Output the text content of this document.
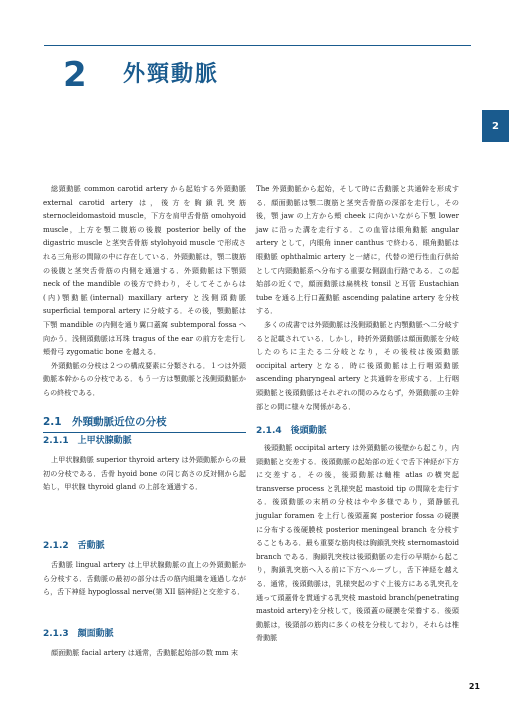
2 外頸動脈
2

総頸動脈 common carotid artery から起始する外頸動脈 external carotid artery は，後方を胸鎖乳突筋 sternocleidomastoid muscle，下方を肩甲舌骨筋 omohyoid muscle，上方を顎二腹筋の後腹 posterior belly of the digastric muscle と茎突舌骨筋 stylohyoid muscle で形成される三角形の間隙の中に存在している．外頸動脈は，顎二腹筋の後腹と茎突舌骨筋の内側を通過する．外頸動脈は下顎頸 neck of the mandible の後方で終わり，そしてそこからは(内)顎動脈(internal) maxillary artery と浅側頭動脈 superficial temporal artery に分岐する．その後，顎動脈は下顎 mandible の内側を通り翼口蓋窩 subtemporal fossa へ向かう．浅側頭動脈は耳珠 tragus of the ear の前方を走行し頬骨弓 zygomatic bone を越える．

外頸動脈の分枝は２つの構成要素に分類される．１つは外頸動脈本幹からの分枝である．もう一方は顎動脈と浅側頭動脈からの終枝である．

The 外頸動脈から起始，そして時に舌動脈と共通幹を形成する．顔面動脈は顎二腹筋と茎突舌骨筋の深部を走行し，その後，顎 jaw の上方から頬 cheek に向かいながら下顎 lower jaw に沿った溝を走行する．この血管は眼角動脈 angular artery として，内眼角 inner canthus で終わる．眼角動脈は眼動脈 ophthalmic artery と一緒に，代替の逆行性血行供給として内頸動脈系へ分布する重要な側副血行路である．この起始部の近くで，顔面動脈は扁桃枝 tonsil と耳管 Eustachian tube を通る上行口蓋動脈 ascending palatine artery を分枝する．

多くの成書では外頸動脈は浅側頭動脈と内顎動脈へ二分岐すると記載されている．しかし，時折外頸動脈は顔面動脈を分岐したのちに主たる二分岐となり，その後枝は後頭動脈 occipital artery となる．時に後頭動脈は上行咽頭動脈 ascending pharyngeal artery と共通幹を形成する．上行咽頭動脈と後頭動脈はそれぞれの間のみならず，外頸動脈の主幹部との間に様々な関係がある．

2.1　外頸動脈近位の分枝
2.1.1　上甲状腺動脈

上甲状腺動脈 superior thyroid artery は外頸動脈からの最初の分枝である．舌骨 hyoid bone の同じ高さの反対側から起始し，甲状腺 thyroid gland の上部を通過する．

2.1.2　舌動脈

舌動脈 lingual artery は上甲状腺動脈の直上の外頸動脈から分枝する．舌動脈の最初の部分は舌の筋内組織を通過しながら，舌下神経 hypoglossal nerve(第 XII 脳神経)と交差する．

2.1.3　顔面動脈

顔面動脈 facial artery は通常，舌動脈起始部の数 mm 末

2.1.4　後頭動脈

後頭動脈 occipital artery は外頸動脈の後壁から起こり，内頸動脈と交差する．後頭動脈の起始部の近くで舌下神経が下方に交差する．その後，後頭動脈は軸椎 atlas の横突起 transverse process と乳様突起 mastoid tip の間隙を走行する．後頭動脈の末梢の分枝はやや多様であり，頸静脈孔 jugular foramen を上行し後頭蓋窩 posterior fossa の硬膜に分布する後硬膜枝 posterior meningeal branch を分枝することもある．最も重要な筋肉枝は胸鎖乳突枝 sternomastoid branch である．胸鎖乳突枝は後頭動脈の走行の早期から起こり，胸鎖乳突筋へ入る前に下方へループし，舌下神経を越える．通常，後頭動脈は，乳様突起のすぐ上後方にある乳突孔を通って頭蓋骨を貫通する乳突枝 mastoid branch(penetrating mastoid artery)を分枝して，後頭蓋の硬膜を栄養する．後頭動脈は，後頸部の筋肉に多くの枝を分枝しており，それらは椎骨動脈

21
